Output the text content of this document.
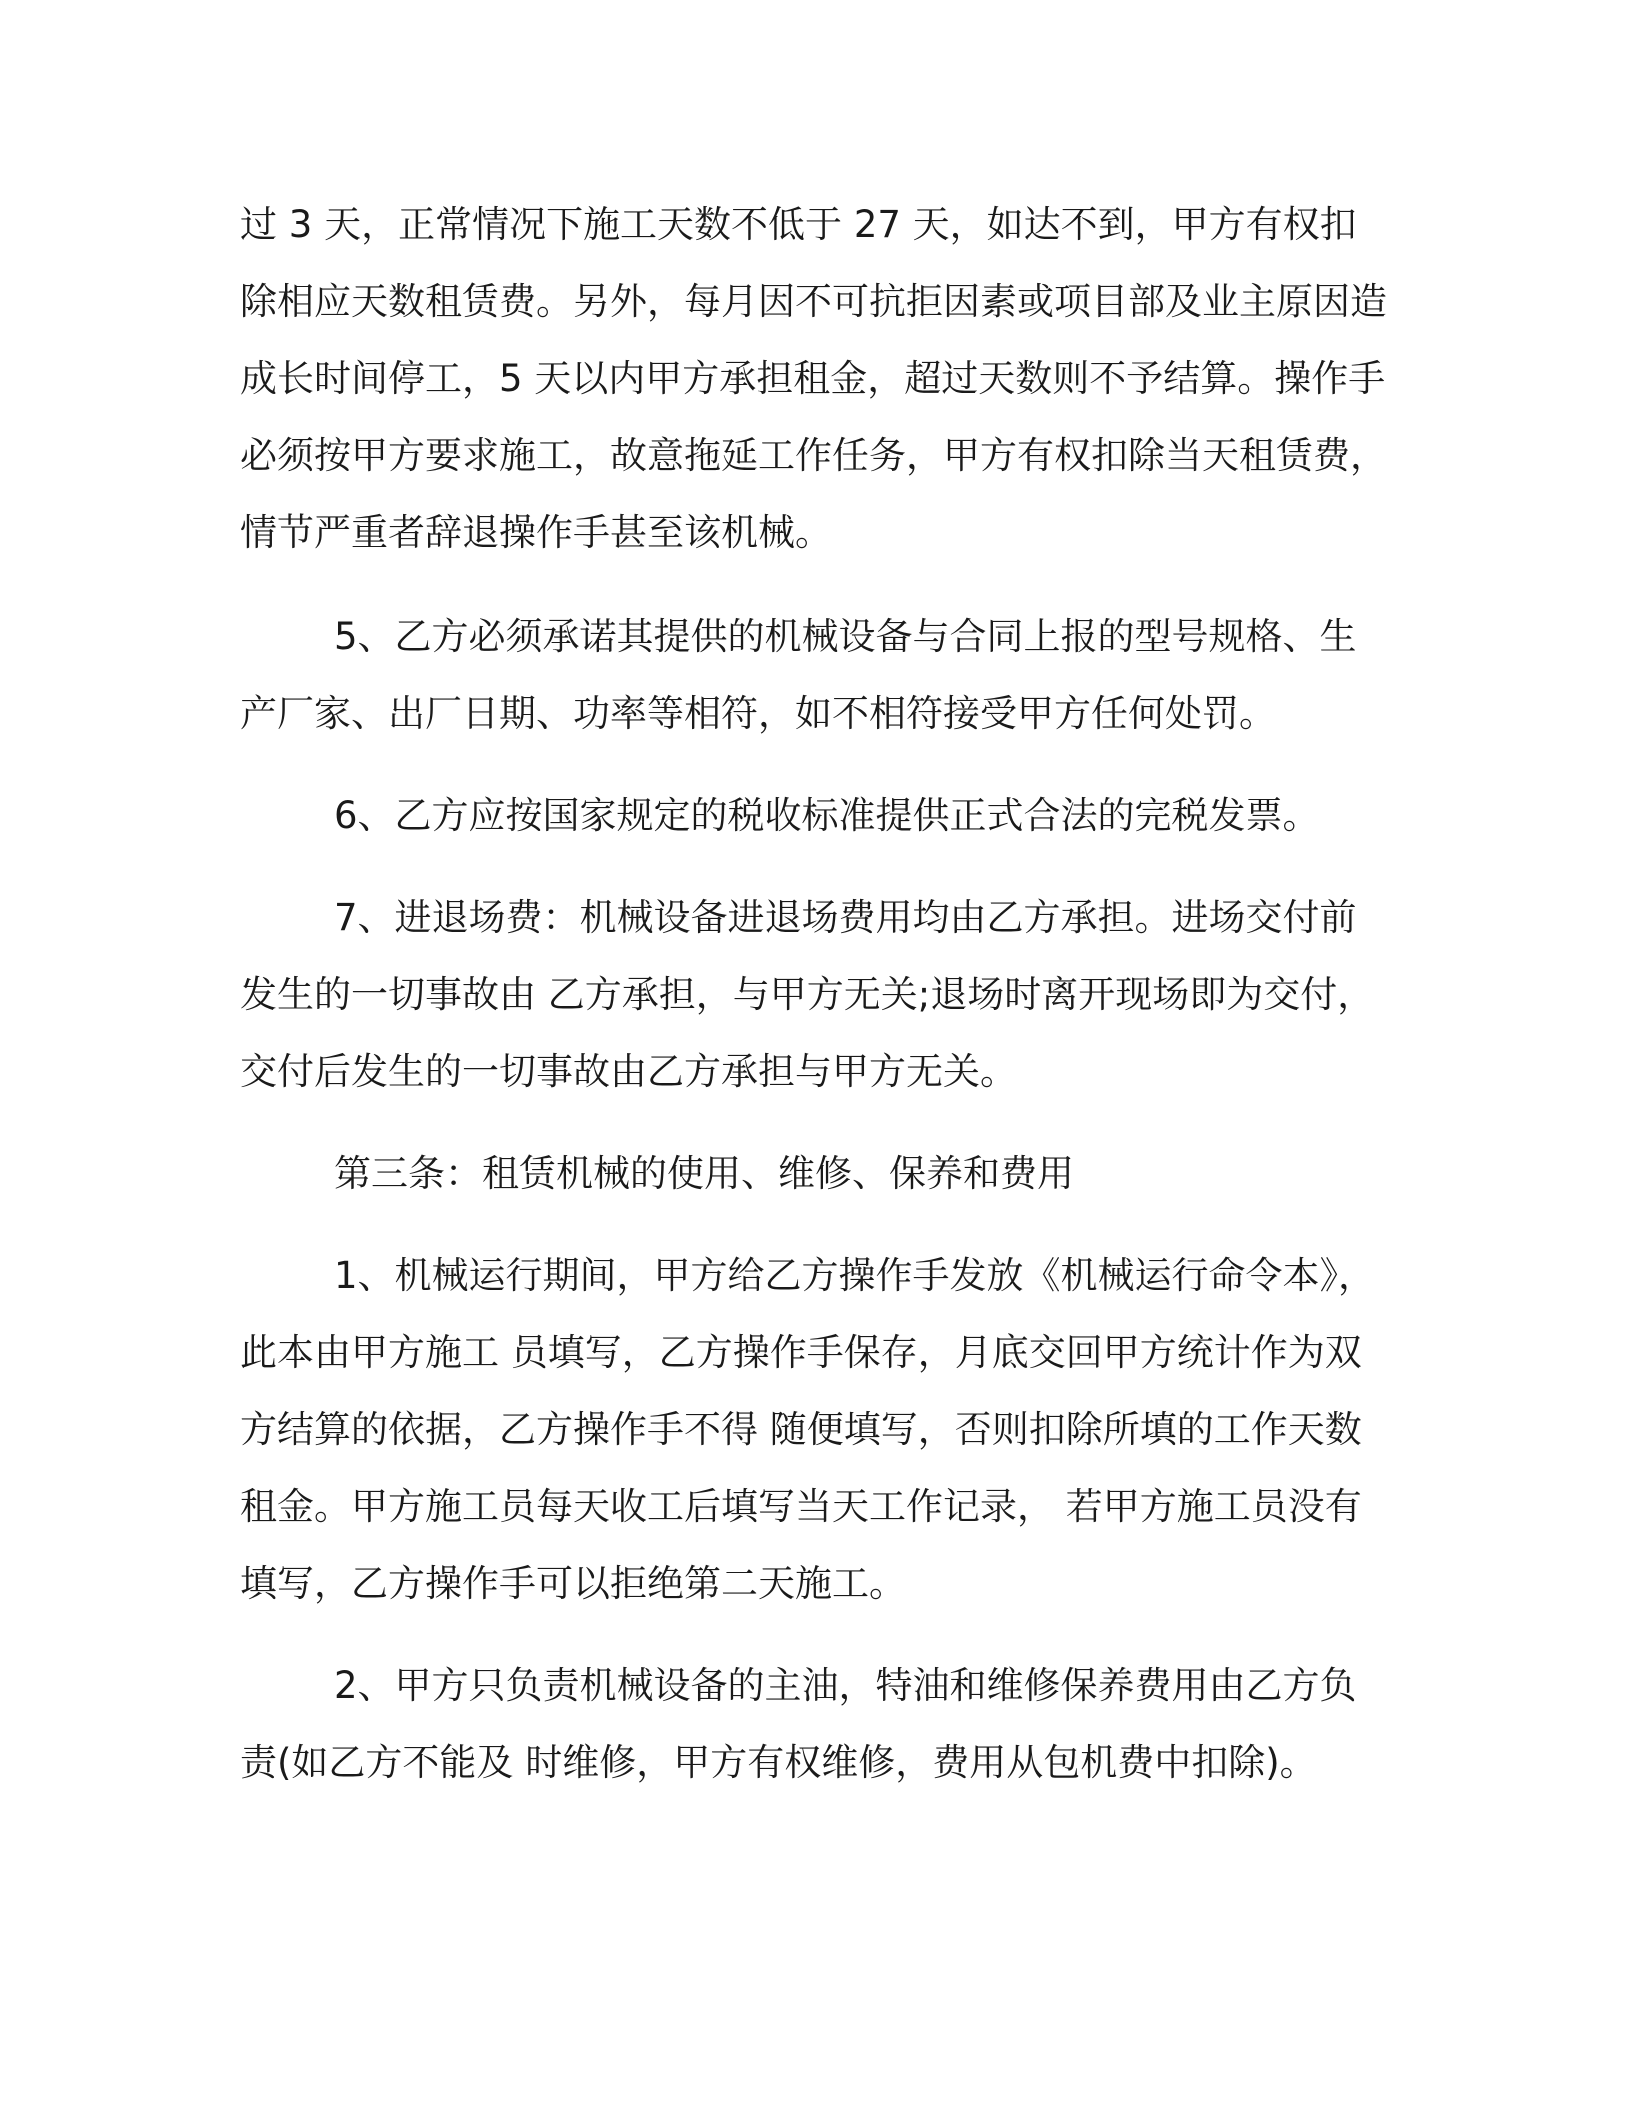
过 3 天，正常情况下施工天数不低于 27 天，如达不到，甲方有权扣除相应天数租赁费。另外，每月因不可抗拒因素或项目部及业主原因造成长时间停工，5 天以内甲方承担租金，超过天数则不予结算。操作手必须按甲方要求施工，故意拖延工作任务，甲方有权扣除当天租赁费，情节严重者辞退操作手甚至该机械。

5、乙方必须承诺其提供的机械设备与合同上报的型号规格、生产厂家、出厂日期、功率等相符，如不相符接受甲方任何处罚。

6、乙方应按国家规定的税收标准提供正式合法的完税发票。

7、进退场费：机械设备进退场费用均由乙方承担。进场交付前发生的一切事故由 乙方承担，与甲方无关;退场时离开现场即为交付，交付后发生的一切事故由乙方承担与甲方无关。

第三条：租赁机械的使用、维修、保养和费用

1、机械运行期间，甲方给乙方操作手发放《机械运行命令本》，此本由甲方施工 员填写，乙方操作手保存，月底交回甲方统计作为双方结算的依据，乙方操作手不得 随便填写，否则扣除所填的工作天数租金。甲方施工员每天收工后填写当天工作记录， 若甲方施工员没有填写，乙方操作手可以拒绝第二天施工。

2、甲方只负责机械设备的主油，特油和维修保养费用由乙方负责(如乙方不能及 时维修，甲方有权维修，费用从包机费中扣除)。
